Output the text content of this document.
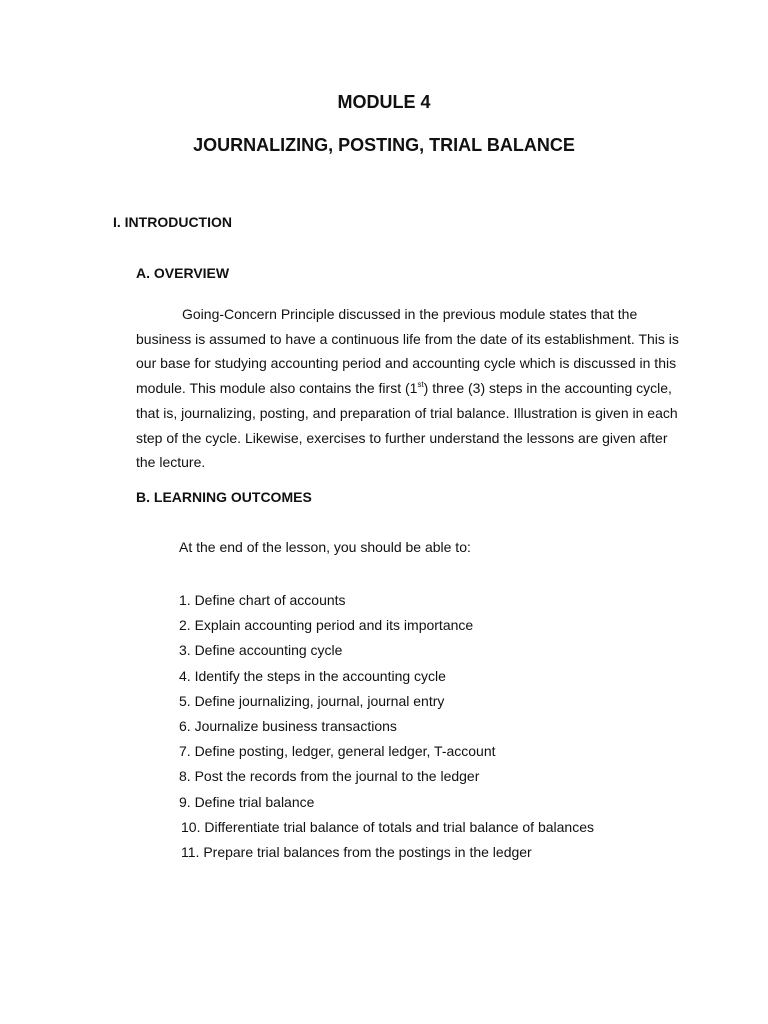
MODULE 4
JOURNALIZING, POSTING, TRIAL BALANCE
I. INTRODUCTION
A. OVERVIEW

Going-Concern Principle discussed in the previous module states that the
business is assumed to have a continuous life from the date of its establishment. This is
our base for studying accounting period and accounting cycle which is discussed in this
module. This module also contains the first (1st) three (3) steps in the accounting cycle,
that is, journalizing, posting, and preparation of trial balance. Illustration is given in each
step of the cycle. Likewise, exercises to further understand the lessons are given after
the lecture.

B. LEARNING OUTCOMES

At the end of the lesson, you should be able to:

1. Define chart of accounts
2. Explain accounting period and its importance
3. Define accounting cycle
4. Identify the steps in the accounting cycle
5. Define journalizing, journal, journal entry
6. Journalize business transactions
7. Define posting, ledger, general ledger, T-account
8. Post the records from the journal to the ledger
9. Define trial balance
10. Differentiate trial balance of totals and trial balance of balances
11. Prepare trial balances from the postings in the ledger
